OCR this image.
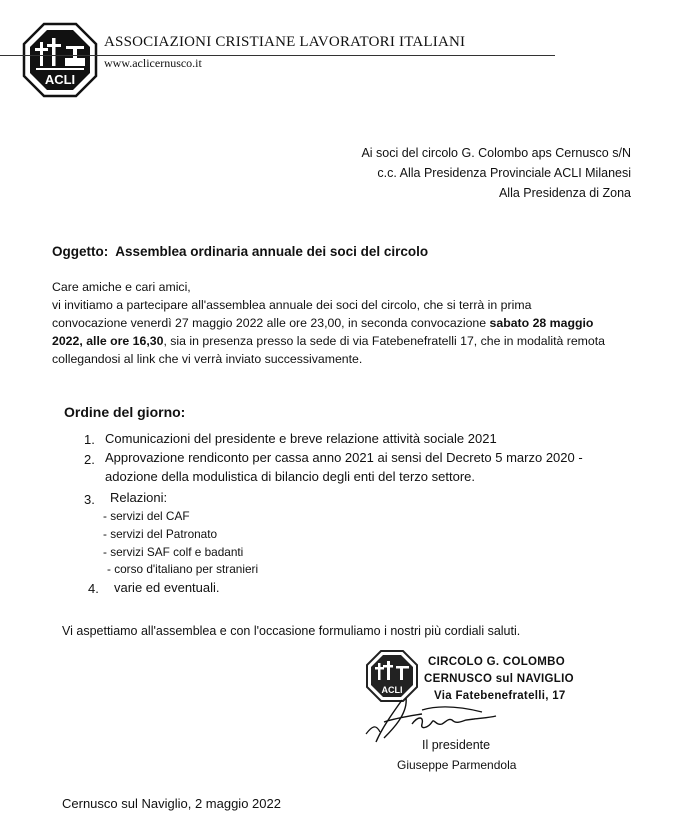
ACLI
ASSOCIAZIONI CRISTIANE LAVORATORI ITALIANI
www.aclicernusco.it
Ai soci del circolo G. Colombo aps Cernusco s/N
c.c. Alla Presidenza Provinciale ACLI Milanesi
Alla Presidenza di Zona
Oggetto: Assemblea ordinaria annuale dei soci del circolo
Care amiche e cari amici,
vi invitiamo a partecipare all'assemblea annuale dei soci del circolo, che si terrà in prima
convocazione venerdì 27 maggio 2022 alle ore 23,00, in seconda convocazione sabato 28 maggio
2022, alle ore 16,30, sia in presenza presso la sede di via Fatebenefratelli 17, che in modalità remota
collegandosi al link che vi verrà inviato successivamente.
Ordine del giorno:
1. Comunicazioni del presidente e breve relazione attività sociale 2021
2. Approvazione rendiconto per cassa anno 2021 ai sensi del Decreto 5 marzo 2020 -
adozione della modulistica di bilancio degli enti del terzo settore.
3. Relazioni:
- servizi del CAF
- servizi del Patronato
- servizi SAF colf e badanti
- corso d'italiano per stranieri
4. varie ed eventuali.
Vi aspettiamo all'assemblea e con l'occasione formuliamo i nostri più cordiali saluti.
ACLI
CIRCOLO G. COLOMBO
CERNUSCO sul NAVIGLIO
Via Fatebenefratelli, 17
Il presidente
Giuseppe Parmendola
Cernusco sul Naviglio, 2 maggio 2022
